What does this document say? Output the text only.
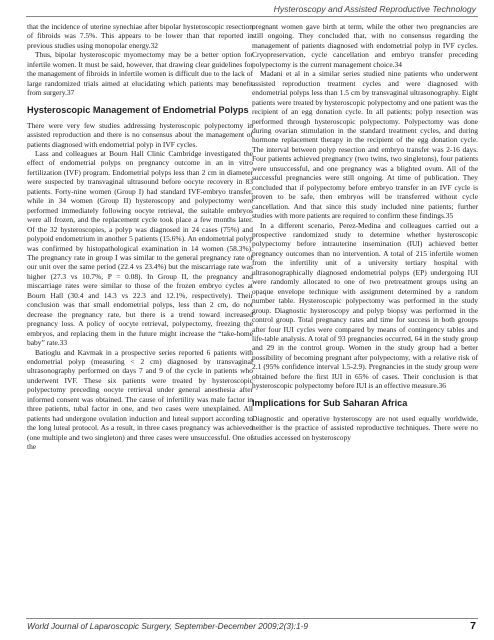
Hysteroscopy and Assisted Reproductive Technology

that the incidence of uterine synechiae after bipolar hysteroscopic resection of fibroids was 7.5%. This appears to be lower than that reported in previous studies using monopolar energy.32

Thus, bipolar hysteroscopic myomectomy may be a better option for infertile women. It must be said, however, that drawing clear guidelines for the management of fibroids in infertile women is difficult due to the lack of large randomized trials aimed at elucidating which patients may benefit from surgery.37

Hysteroscopic Management of Endometrial Polyps

There were very few studies addressing hysteroscopic polypectomy in assisted reproduction and there is no consensus about the management of patients diagnosed with endometrial polyp in IVF cycles.

Lass and colleagues at Bourn Hall Clinic Cambridge investigated the effect of endometrial polyps on pregnancy outcome in an in vitro fertilization (IVF) program. Endometrial polyps less than 2 cm in diameter were suspected by transvaginal ultrasound before oocyte recovery in 83 patients. Forty-nine women (Group I) had standard IVF-embryo transfer, while in 34 women (Group II) hysteroscopy and polypectomy were performed immediately following oocyte retrieval, the suitable embryos were all frozen, and the replacement cycle took place a few months later. Of the 32 hysteroscopies, a polyp was diagnosed in 24 cases (75%) and polypoid endometrium in another 5 patients (15.6%). An endometrial polyp was confirmed by histopathological examination in 14 women (58.3%). The pregnancy rate in group I was similar to the general pregnancy rate of our unit over the same period (22.4 vs 23.4%) but the miscarriage rate was higher (27.3 vs 10.7%, P = 0.08). In Group II, the pregnancy and miscarriage rates were similar to those of the frozen embryo cycles at Bourn Hall (30.4 and 14.3 vs 22.3 and 12.1%, respectively). Their conclusion was that small endometrial polyps, less than 2 cm, do not decrease the pregnancy rate, but there is a trend toward increased pregnancy loss. A policy of oocyte retrieval, polypectomy, freezing the embryos, and replacing them in the future might increase the “take-home baby” rate.33

Batioglu and Kavmak in a prospective series reported 6 patients with endometrial polyp (measuring < 2 cm) diagnosed by transvaginal ultrasonography performed on days 7 and 9 of the cycle in patients who underwent IVF. These six patients were treated by hysteroscopic polypectomy preceding oocyte retrieval under general anesthesia after informed consent was obtained. The cause of infertility was male factor in three patients, tubal factor in one, and two cases were unexplained. All patients had undergone ovulation induction and luteal support according to the long luteal protocol. As a result, in three cases pregnancy was achieved (one multiple and two singleton) and three cases were unsuccessful. One of the

pregnant women gave birth at term, while the other two pregnancies are still ongoing. They concluded that, with no consensus regarding the management of patients diagnosed with endometrial polyp in IVF cycles. Cryopreservation, cycle cancellation and embryo transfer preceding polypectomy is the current management choice.34

Madani et al in a similar series studied nine patients who underwent assisted reproduction treatment cycles and were diagnosed with endometrial polyps less than 1.5 cm by transvaginal ultrasonography. Eight patients were treated by hysteroscopic polypectomy and one patient was the recipient of an egg donation cycle. In all patients; polyp resection was performed through hysteroscopic polypectomy. Polypectomy was done during ovarian stimulation in the standard treatment cycles, and during hormone replacement therapy in the recipient of the egg donation cycle. The interval between polyp resection and embryo transfer was 2-16 days. Four patients achieved pregnancy (two twins, two singletons), four patients were unsuccessful, and one pregnancy was a blighted ovum. All of the successful pregnancies were still ongoing. At time of publication. They concluded that if polypectomy before embryo transfer in an IVF cycle is proven to be safe, then embryos will be transferred without cycle cancellation. And that since this study included nine patients; further studies with more patients are required to confirm these findings.35

In a different scenario, Perez-Medina and colleagues carried out a prospective randomized study to determine whether hysteroscopic polypectomy before intrauterine insemination (IUI) achieved better pregnancy outcomes than no intervention. A total of 215 infertile women from the infertility unit of a university tertiary hospital with ultrasonographically diagnosed endometrial polyps (EP) undergoing IUI were randomly allocated to one of two pretreatment groups using an opaque envelope technique with assignment determined by a random number table. Hysteroscopic polypectomy was performed in the study group. Diagnostic hysteroscopy and polyp biopsy was performed in the control group. Total pregnancy rates and time for success in both groups after four IUI cycles were compared by means of contingency tables and life-table analysis. A total of 93 pregnancies occurred, 64 in the study group and 29 in the control group. Women in the study group had a better possibility of becoming pregnant after polypectomy, with a relative risk of 2.1 (95% confidence interval 1.5-2.9). Pregnancies in the study group were obtained before the first IUI in 65% of cases. Their conclusion is that hysteroscopic polypectomy before IUI is an effective measure.36

Implications for Sub Saharan Africa

Diagnostic and operative hysteroscopy are not used equally worldwide, neither is the practice of assisted reproductive techniques. There were no studies accessed on hysteroscopy

World Journal of Laparoscopic Surgery, September-December 2009;2(3):1-9	7
